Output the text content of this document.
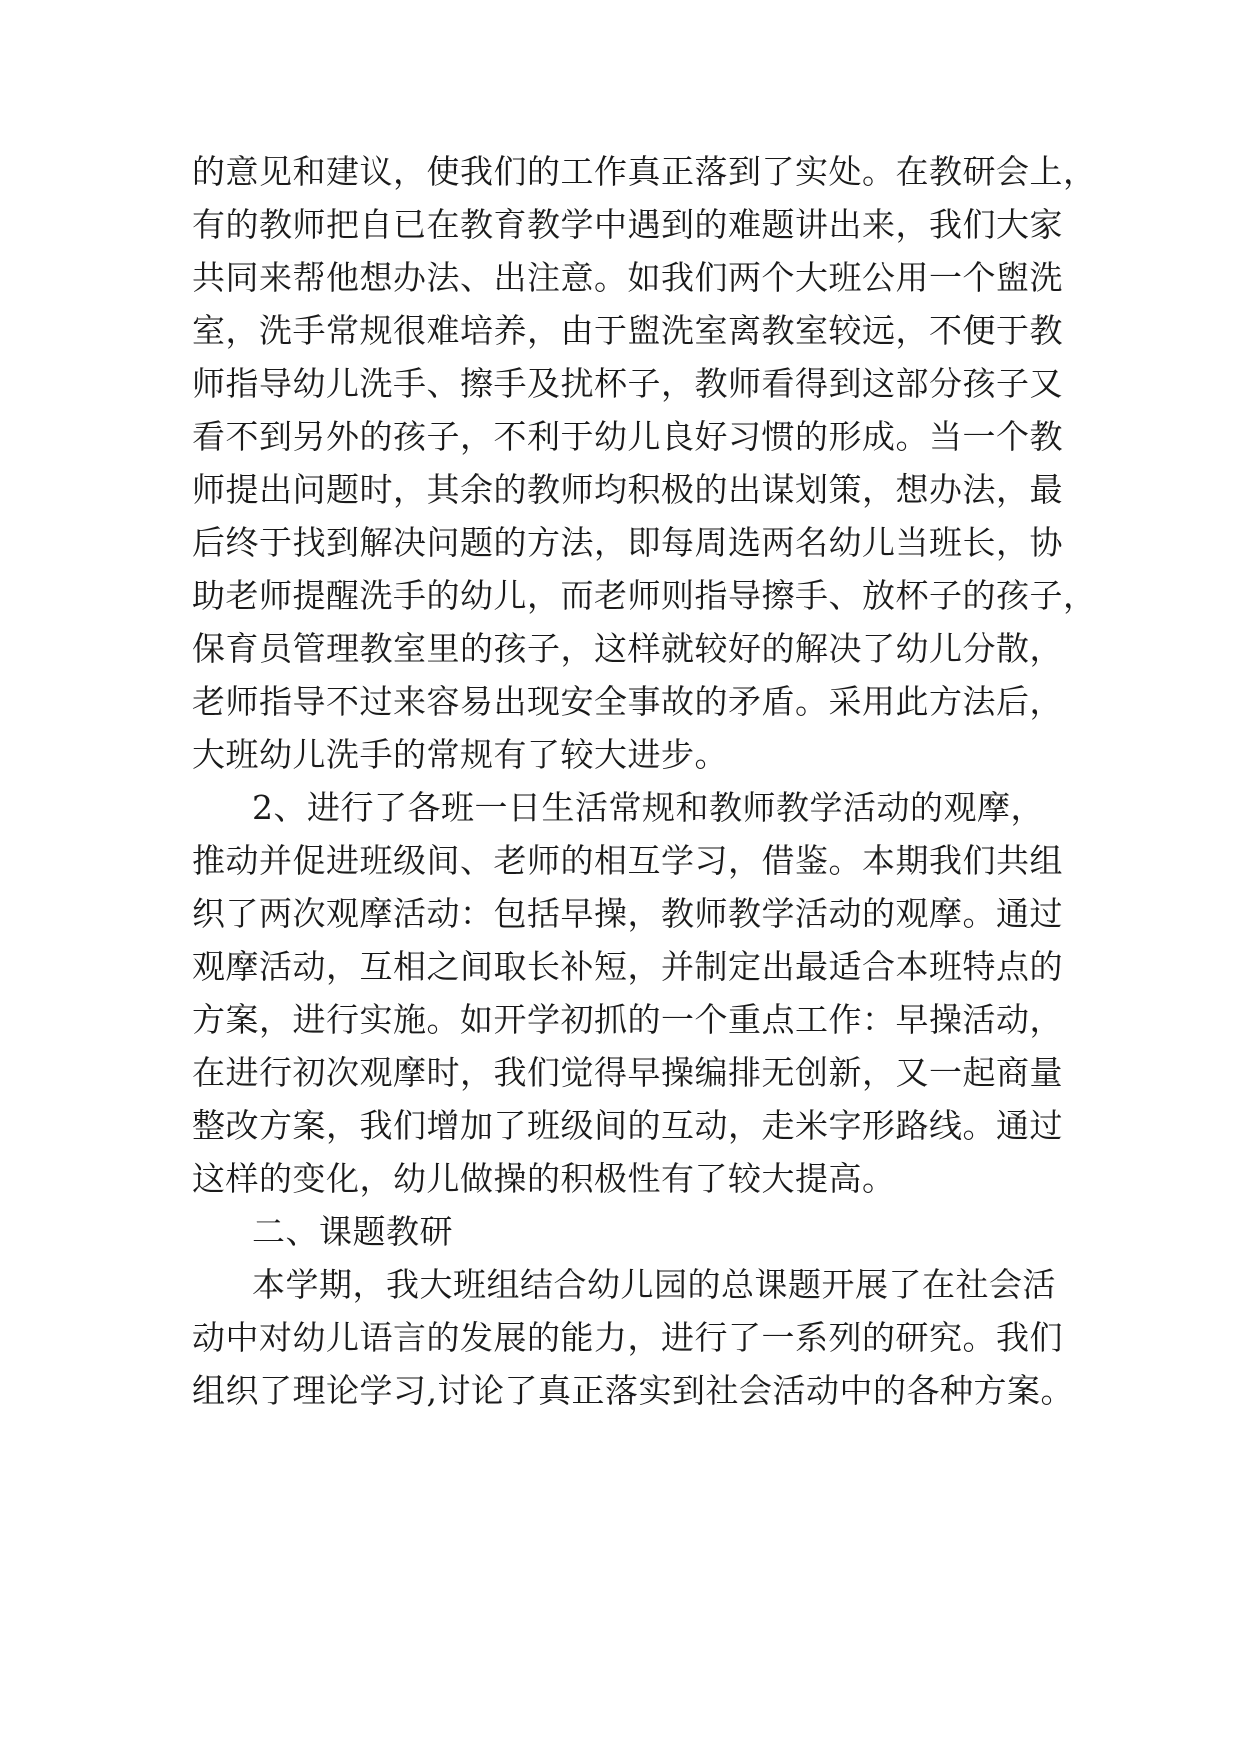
的意见和建议，使我们的工作真正落到了实处。在教研会上，
有的教师把自已在教育教学中遇到的难题讲出来，我们大家
共同来帮他想办法、出注意。如我们两个大班公用一个盥洗
室，洗手常规很难培养，由于盥洗室离教室较远，不便于教
师指导幼儿洗手、擦手及扰杯子，教师看得到这部分孩子又
看不到另外的孩子，不利于幼儿良好习惯的形成。当一个教
师提出问题时，其余的教师均积极的出谋划策，想办法，最
后终于找到解决问题的方法，即每周选两名幼儿当班长，协
助老师提醒洗手的幼儿，而老师则指导擦手、放杯子的孩子，
保育员管理教室里的孩子，这样就较好的解决了幼儿分散，
老师指导不过来容易出现安全事故的矛盾。采用此方法后，
大班幼儿洗手的常规有了较大进步。
2、进行了各班一日生活常规和教师教学活动的观摩，
推动并促进班级间、老师的相互学习，借鉴。本期我们共组
织了两次观摩活动：包括早操，教师教学活动的观摩。通过
观摩活动，互相之间取长补短，并制定出最适合本班特点的
方案，进行实施。如开学初抓的一个重点工作：早操活动，
在进行初次观摩时，我们觉得早操编排无创新，又一起商量
整改方案，我们增加了班级间的互动，走米字形路线。通过
这样的变化，幼儿做操的积极性有了较大提高。
二、课题教研
本学期，我大班组结合幼儿园的总课题开展了在社会活
动中对幼儿语言的发展的能力，进行了一系列的研究。我们
组织了理论学习,讨论了真正落实到社会活动中的各种方案。
